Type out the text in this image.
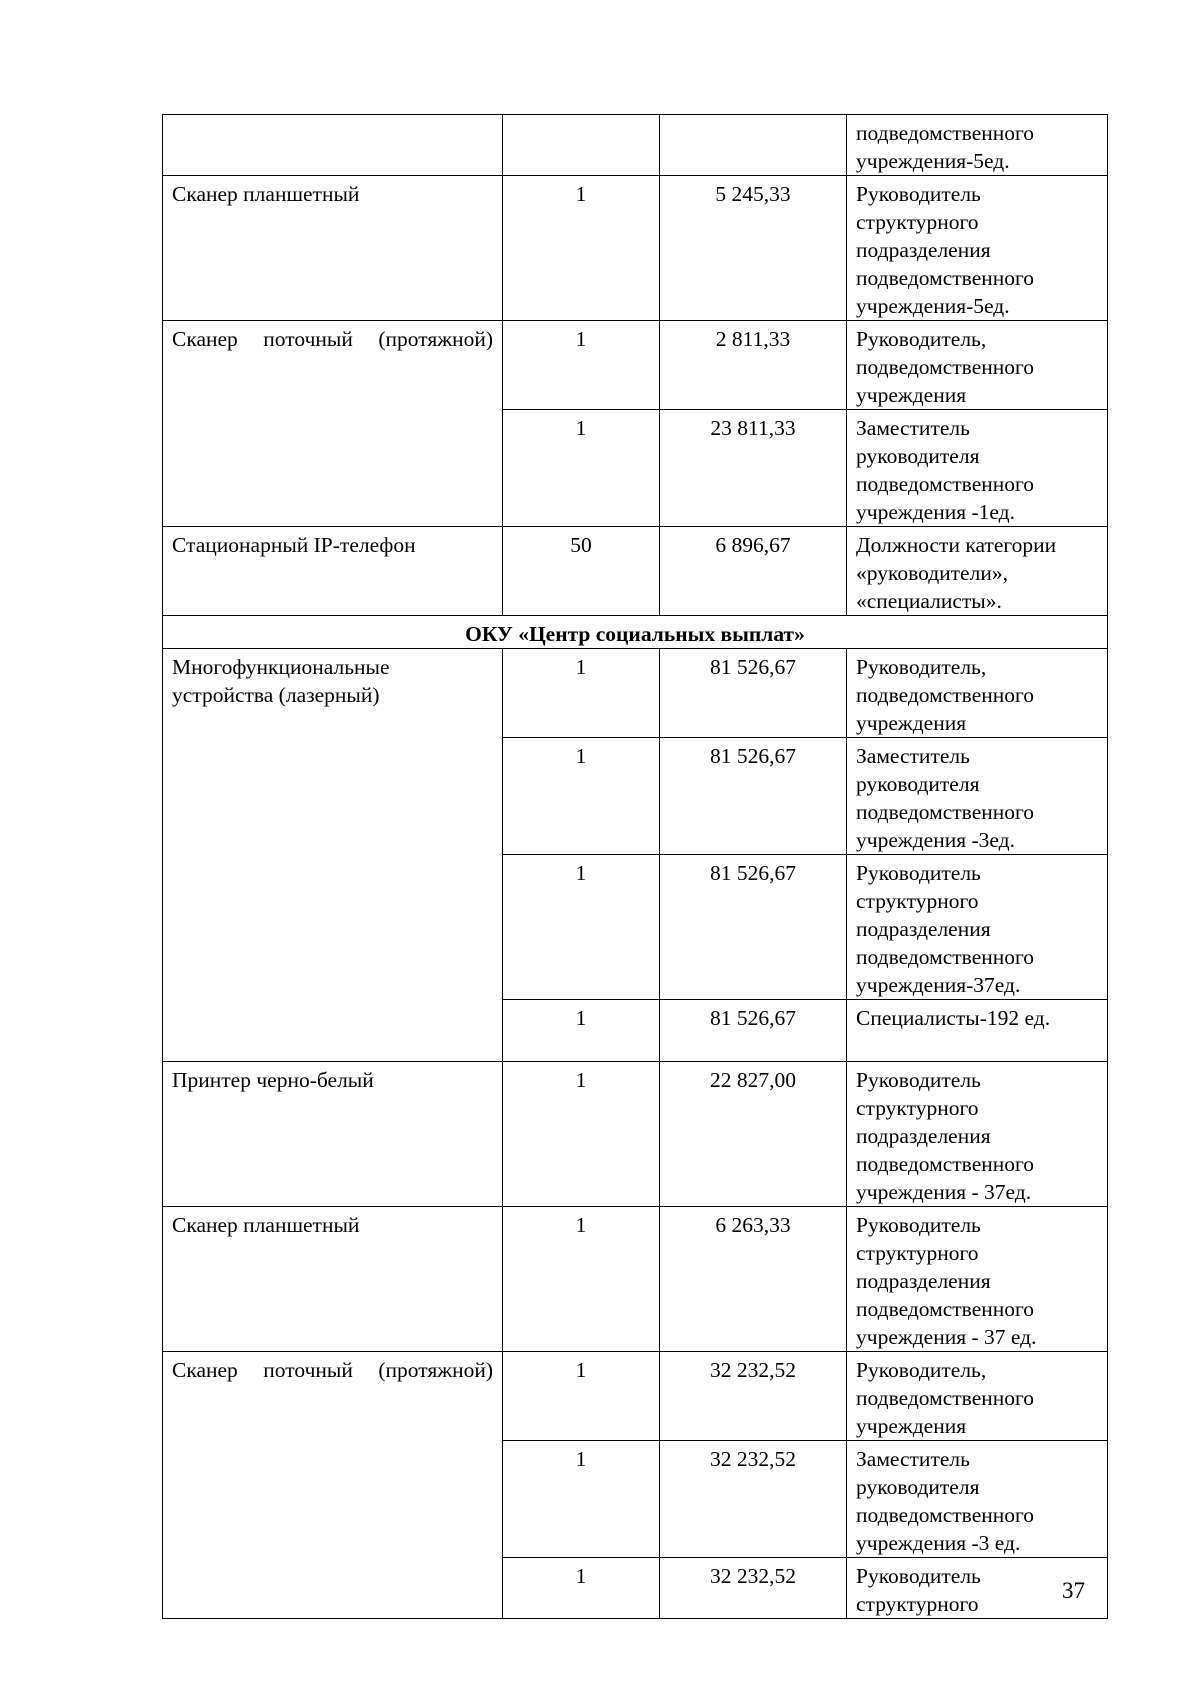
			подведомственного учреждения-5ед.
Сканер планшетный	1	5 245,33	Руководитель структурного подразделения подведомственного учреждения-5ед.
Сканер поточный (протяжной)	1	2 811,33	Руководитель, подведомственного учреждения
	1	23 811,33	Заместитель руководителя подведомственного учреждения -1ед.
Стационарный IP-телефон	50	6 896,67	Должности категории «руководители», «специалисты».
ОКУ «Центр социальных выплат»			
Многофункциональные устройства (лазерный)	1	81 526,67	Руководитель, подведомственного учреждения
	1	81 526,67	Заместитель руководителя подведомственного учреждения -3ед.
	1	81 526,67	Руководитель структурного подразделения подведомственного учреждения-37ед.
	1	81 526,67	Специалисты-192 ед.
Принтер черно-белый	1	22 827,00	Руководитель структурного подразделения подведомственного учреждения - 37ед.
Сканер планшетный	1	6 263,33	Руководитель структурного подразделения подведомственного учреждения - 37 ед.
Сканер поточный (протяжной)	1	32 232,52	Руководитель, подведомственного учреждения
	1	32 232,52	Заместитель руководителя подведомственного учреждения -3 ед.
	1	32 232,52	Руководитель структурного
37
